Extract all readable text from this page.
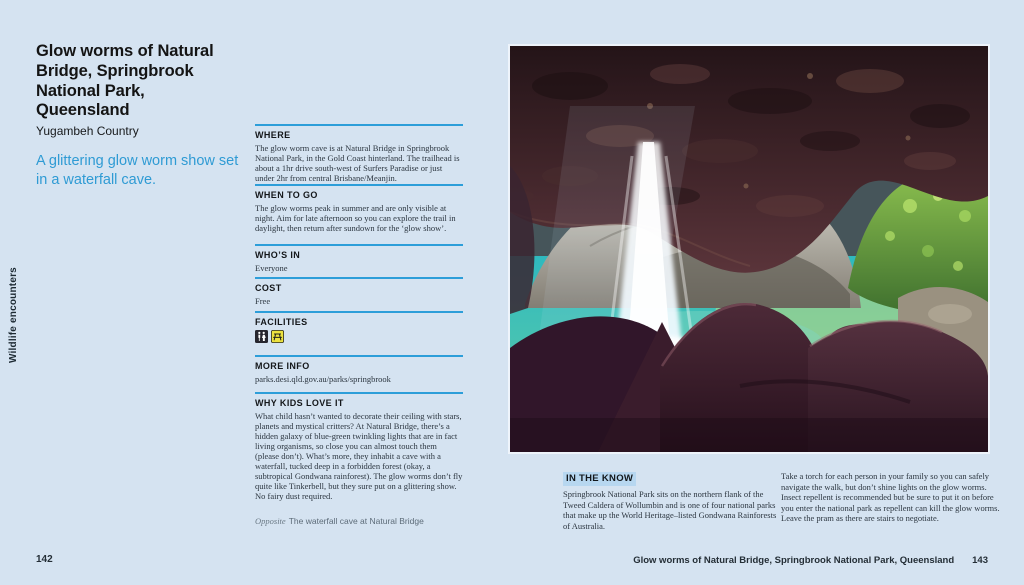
Wildlife encounters
Glow worms of Natural Bridge, Springbrook National Park, Queensland
Yugambeh Country
A glittering glow worm show set in a waterfall cave.
WHERE

The glow worm cave is at Natural Bridge in Springbrook National Park, in the Gold Coast hinterland. The trailhead is about a 1hr drive south-west of Surfers Paradise or just under 2hr from central Brisbane/Meanjin.

WHEN TO GO

The glow worms peak in summer and are only visible at night. Aim for late afternoon so you can explore the trail in daylight, then return after sundown for the ‘glow show’.

WHO’S IN

Everyone

COST

Free

FACILITIES
MORE INFO

parks.desi.qld.gov.au/parks/springbrook

WHY KIDS LOVE IT

What child hasn’t wanted to decorate their ceiling with stars, planets and mystical critters? At Natural Bridge, there’s a hidden galaxy of blue-green twinkling lights that are in fact living organisms, so close you can almost touch them (please don’t). What’s more, they inhabit a cave with a waterfall, tucked deep in a forbidden forest (okay, a subtropical Gondwana rainforest). The glow worms don’t fly quite like Tinkerbell, but they sure put on a glittering show. No fairy dust required.

Opposite The waterfall cave at Natural Bridge
IN THE KNOW

Springbrook National Park sits on the northern flank of the Tweed Caldera of Wollumbin and is one of four national parks that make up the World Heritage–listed Gondwana Rainforests of Australia.

Take a torch for each person in your family so you can safely navigate the walk, but don’t shine lights on the glow worms. Insect repellent is recommended but be sure to put it on before you enter the national park as repellent can kill the glow worms. Leave the pram as there are stairs to negotiate.

142	Glow worms of Natural Bridge, Springbrook National Park, Queensland 143
